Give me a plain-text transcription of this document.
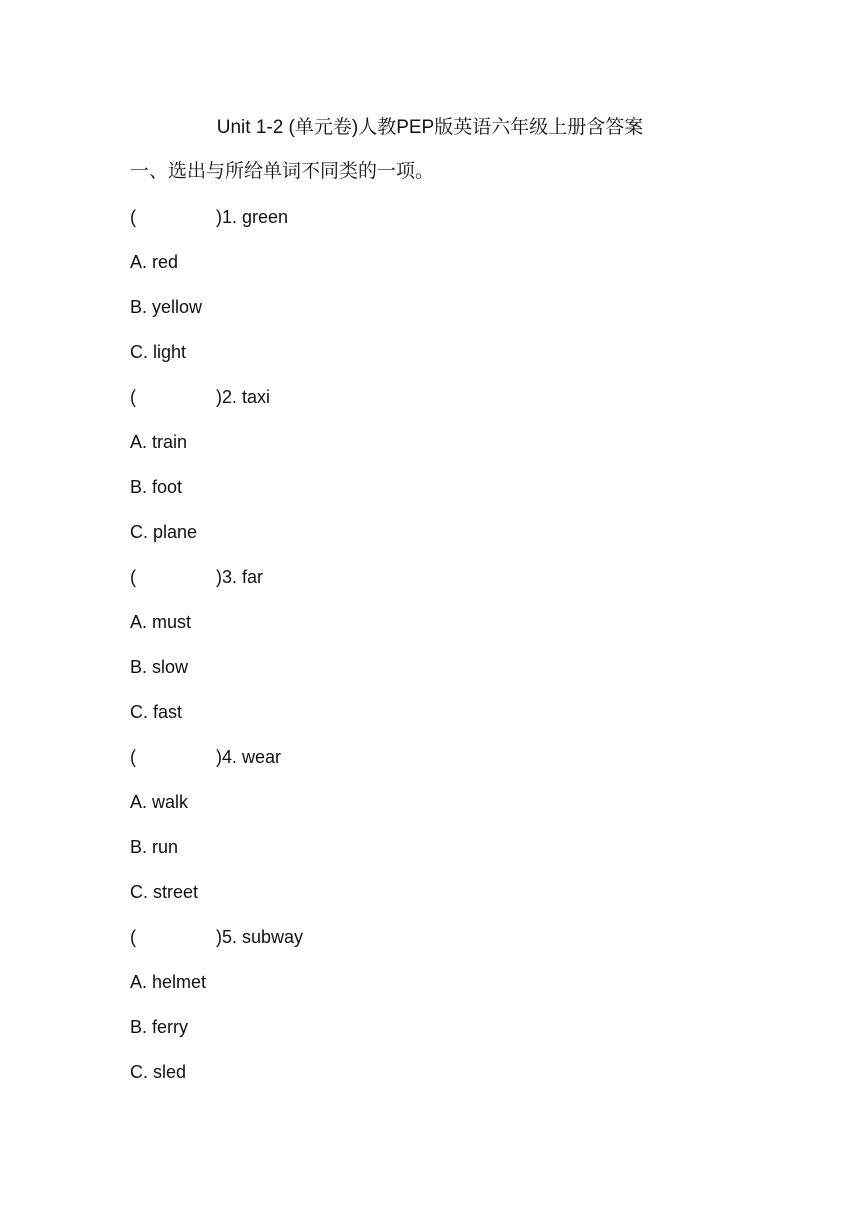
Unit 1-2 (单元卷)人教PEP版英语六年级上册含答案
一、选出与所给单词不同类的一项。
(	)1. green
A. red
B. yellow
C. light
(	)2. taxi
A. train
B. foot
C. plane
(	)3. far
A. must
B. slow
C. fast
(	)4. wear
A. walk
B. run
C. street
(	)5. subway
A. helmet
B. ferry
C. sled
